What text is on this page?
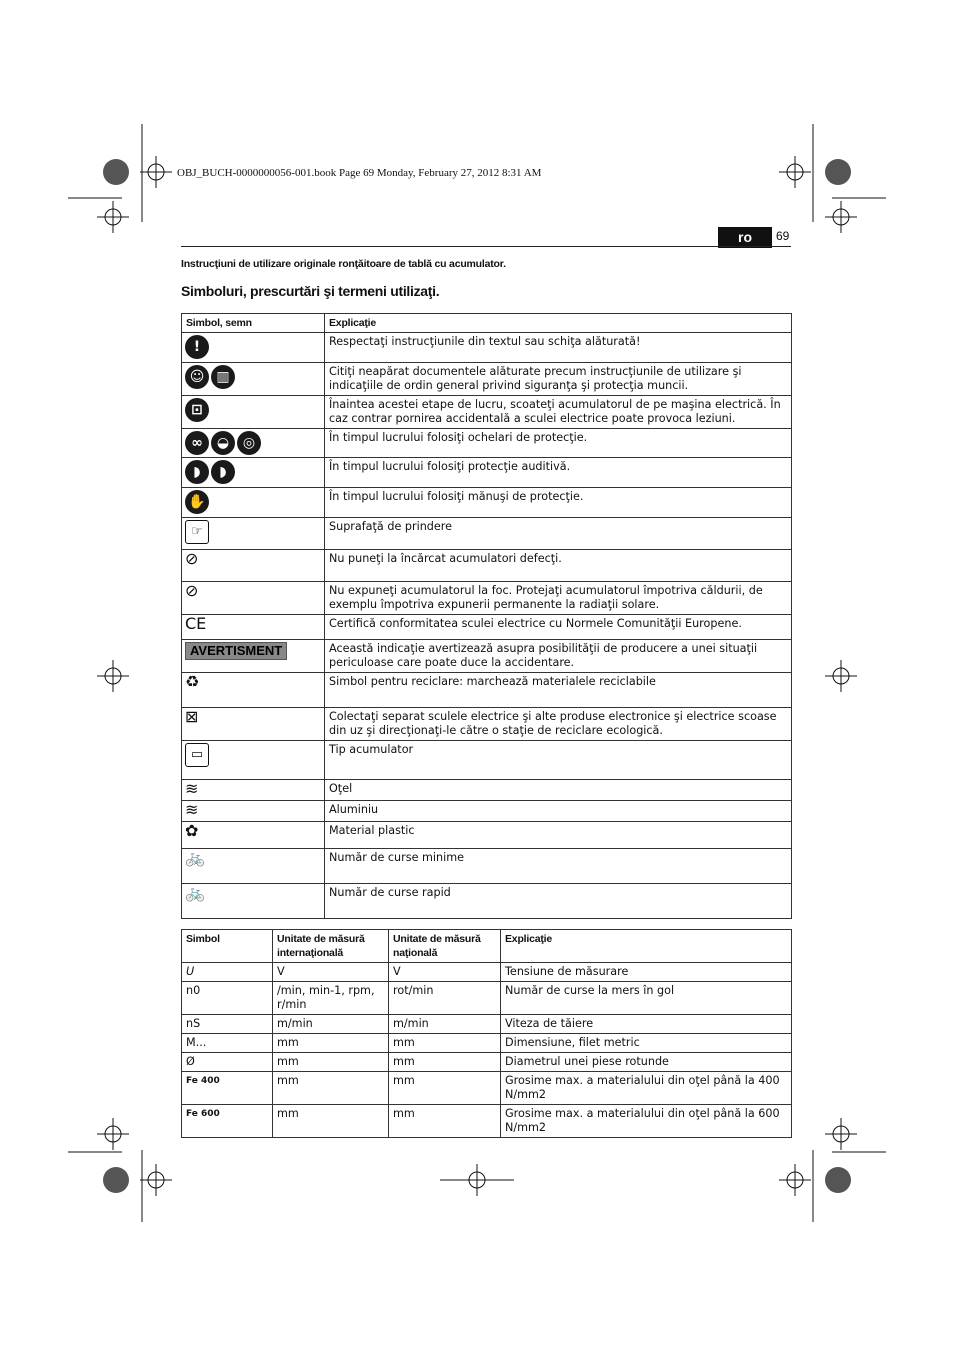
OBJ_BUCH-0000000056-001.book Page 69 Monday, February 27, 2012 8:31 AM
ro	69
Instrucţiuni de utilizare originale ronţăitoare de tablă cu acumulator.
Simboluri, prescurtări şi termeni utilizaţi.
Simbol, semn	Explicaţie
!	Respectaţi instrucţiunile din textul sau schiţa alăturată!
☺ ▥	Citiţi neapărat documentele alăturate precum instrucţiunile de utilizare şi indicaţiile de ordin general privind siguranţa şi protecţia muncii.
⊡	Înaintea acestei etape de lucru, scoateţi acumulatorul de pe maşina electrică. În caz contrar pornirea accidentală a sculei electrice poate provoca leziuni.
∞ ◒ ◎	În timpul lucrului folosiţi ochelari de protecţie.
◗ ◗	În timpul lucrului folosiţi protecţie auditivă.
✋	În timpul lucrului folosiţi mănuşi de protecţie.
☞	Suprafaţă de prindere
⊘	Nu puneţi la încărcat acumulatori defecţi.
⊘	Nu expuneţi acumulatorul la foc. Protejaţi acumulatorul împotriva căldurii, de exemplu împotriva expunerii permanente la radiaţii solare.
CE	Certifică conformitatea sculei electrice cu Normele Comunităţii Europene.
AVERTISMENT	Această indicaţie avertizează asupra posibilităţii de producere a unei situaţii periculoase care poate duce la accidentare.
♻	Simbol pentru reciclare: marchează materialele reciclabile
⊠	Colectaţi separat sculele electrice şi alte produse electronice şi electrice scoase din uz şi direcţionaţi-le către o staţie de reciclare ecologică.
▭	Tip acumulator
≋	Oţel
≋	Aluminiu
✿	Material plastic
🚲	Număr de curse minime
🚲	Număr de curse rapid
Simbol	Unitate de măsură internaţională	Unitate de măsură naţională	Explicaţie
U	V	V	Tensiune de măsurare
n0	/min, min-1, rpm, r/min	rot/min	Număr de curse la mers în gol
nS	m/min	m/min	Viteza de tăiere
M...	mm	mm	Dimensiune, filet metric
Ø	mm	mm	Diametrul unei piese rotunde
Fe 400	mm	mm	Grosime max. a materialului din oţel până la 400 N/mm2
Fe 600	mm	mm	Grosime max. a materialului din oţel până la 600 N/mm2
